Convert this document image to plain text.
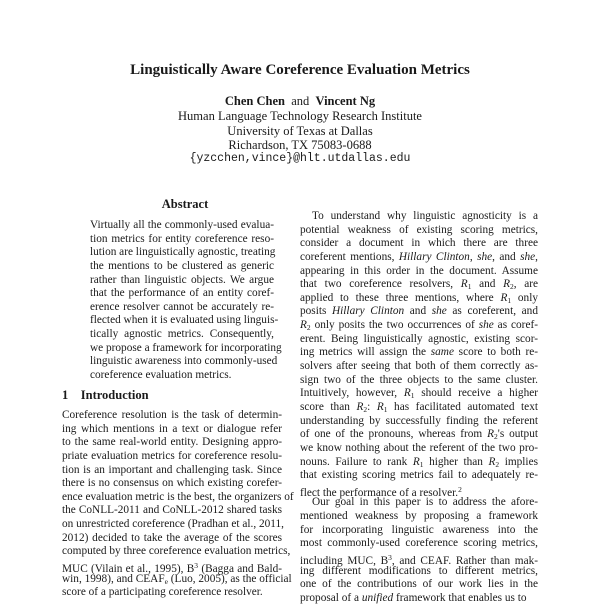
Linguistically Aware Coreference Evaluation Metrics
Chen Chen and Vincent Ng
Human Language Technology Research Institute
University of Texas at Dallas
Richardson, TX 75083-0688
{yzcchen,vince}@hlt.utdallas.edu
Abstract
Virtually all the commonly-used evalua-
tion metrics for entity coreference reso-
lution are linguistically agnostic, treating
the mentions to be clustered as generic
rather than linguistic objects. We argue
that the performance of an entity coref-
erence resolver cannot be accurately re-
flected when it is evaluated using linguis-
tically agnostic metrics. Consequently,
we propose a framework for incorporating
linguistic awareness into commonly-used
coreference evaluation metrics.
1 Introduction
Coreference resolution is the task of determin-
ing which mentions in a text or dialogue refer
to the same real-world entity. Designing appro-
priate evaluation metrics for coreference resolu-
tion is an important and challenging task. Since
there is no consensus on which existing corefer-
ence evaluation metric is the best, the organizers of
the CoNLL-2011 and CoNLL-2012 shared tasks
on unrestricted coreference (Pradhan et al., 2011,
2012) decided to take the average of the scores
computed by three coreference evaluation metrics,
MUC (Vilain et al., 1995), $B^3$ (Bagga and Bald-
win, 1998), and $CEAF_e$ (Luo, 2005), as the official
score of a participating coreference resolver.
To understand why linguistic agnosticity is a
potential weakness of existing scoring metrics,
consider a document in which there are three
coreferent mentions, Hillary Clinton, she, and she,
appearing in this order in the document. Assume
that two coreference resolvers, $R_1$ and $R_2$, are
applied to these three mentions, where $R_1$ only
posits Hillary Clinton and she as coreferent, and
$R_2$ only posits the two occurrences of she as coref-
erent. Being linguistically agnostic, existing scor-
ing metrics will assign the same score to both re-
solvers after seeing that both of them correctly as-
sign two of the three objects to the same cluster.
Intuitively, however, $R_1$ should receive a higher
score than $R_2$: $R_1$ has facilitated automated text
understanding by successfully finding the referent
of one of the pronouns, whereas from $R_2's$ output
we know nothing about the referent of the two pro-
nouns. Failure to rank $R_1$ higher than $R_2$ implies
that existing scoring metrics fail to adequately re-
flect the performance of a resolver.$^2$
Our goal in this paper is to address the afore-
mentioned weakness by proposing a framework
for incorporating linguistic awareness into the
most commonly-used coreference scoring metrics,
including MUC, $B^3$, and CEAF. Rather than mak-
ing different modifications to different metrics,
one of the contributions of our work lies in the
proposal of a unified framework that enables us to
